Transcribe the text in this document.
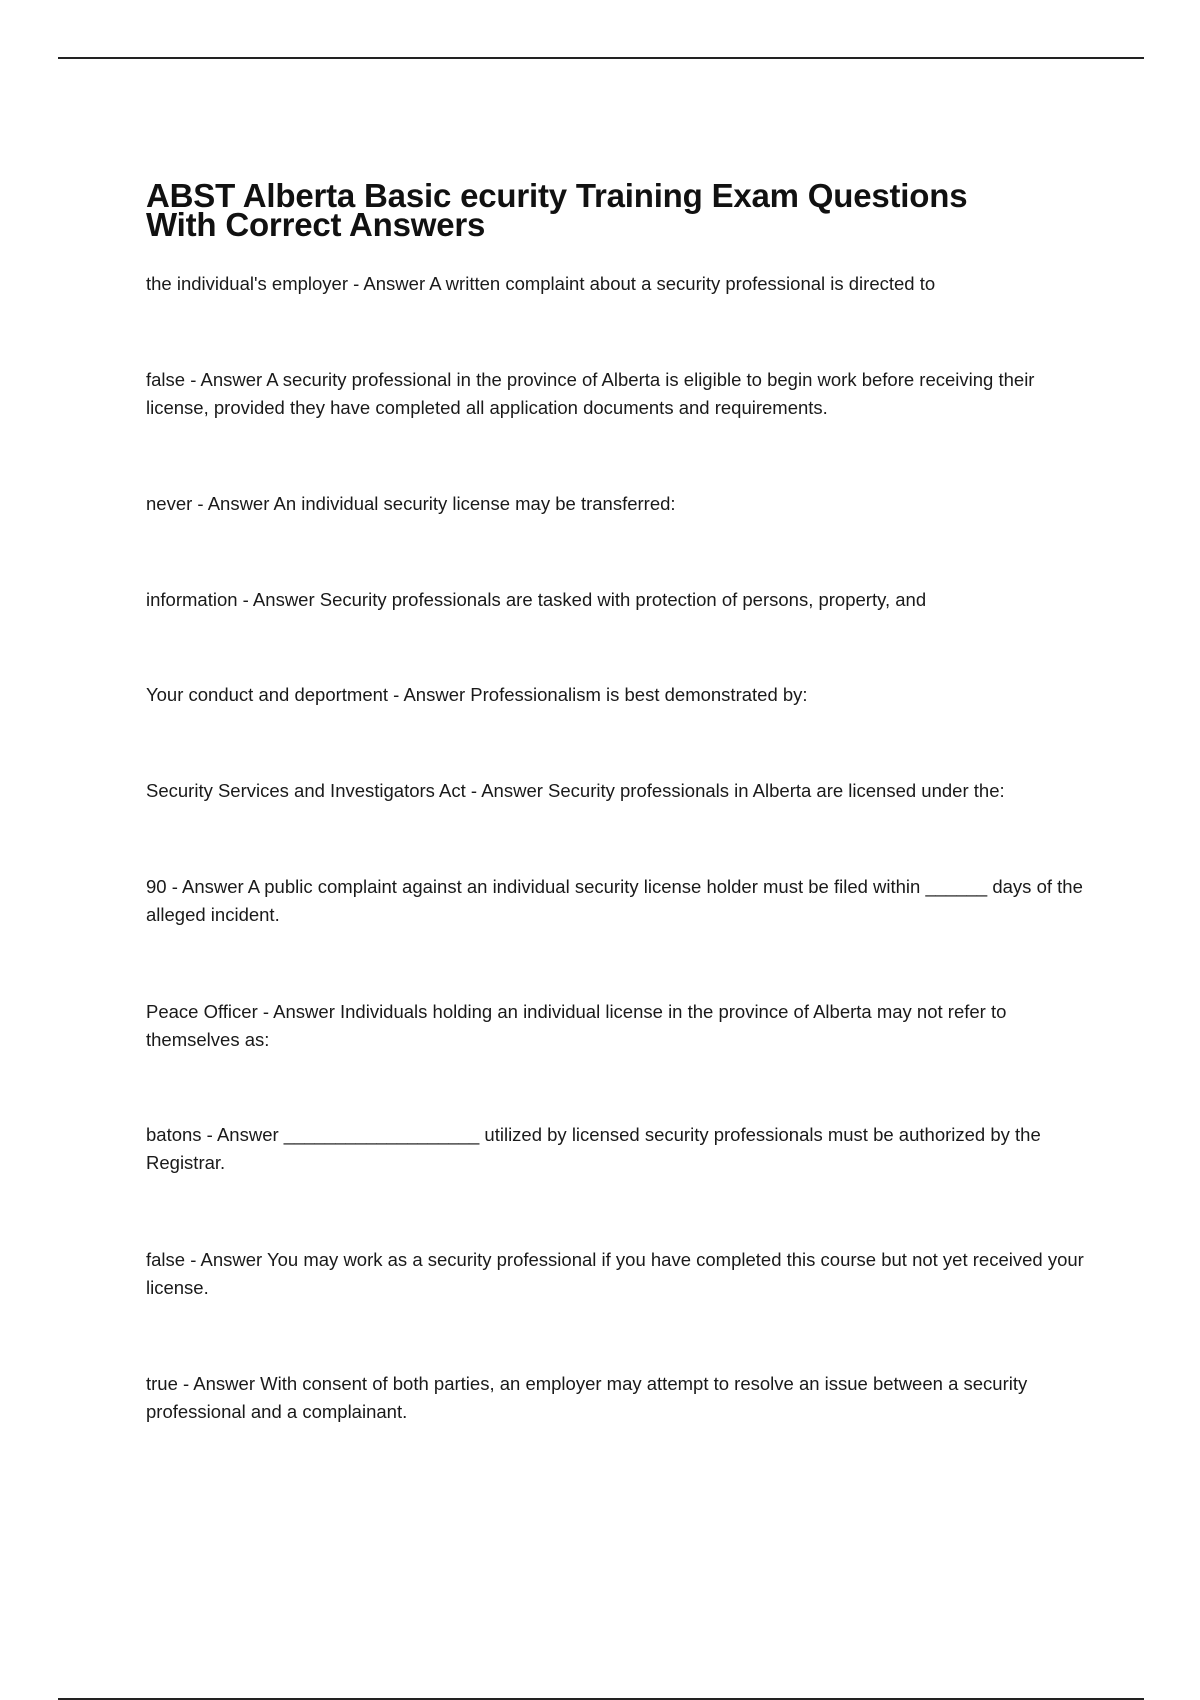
ABST Alberta Basic ecurity Training Exam Questions
With Correct Answers

the individual's employer - Answer A written complaint about a security professional is directed to

false - Answer A security professional in the province of Alberta is eligible to begin work before receiving their license, provided they have completed all application documents and requirements.

never - Answer An individual security license may be transferred:

information - Answer Security professionals are tasked with protection of persons, property, and

Your conduct and deportment - Answer Professionalism is best demonstrated by:

Security Services and Investigators Act - Answer Security professionals in Alberta are licensed under the:

90 - Answer A public complaint against an individual security license holder must be filed within ______ days of the alleged incident.

Peace Officer - Answer Individuals holding an individual license in the province of Alberta may not refer to themselves as:

batons - Answer ___________________ utilized by licensed security professionals must be authorized by the Registrar.

false - Answer You may work as a security professional if you have completed this course but not yet received your license.

true - Answer With consent of both parties, an employer may attempt to resolve an issue between a security professional and a complainant.
